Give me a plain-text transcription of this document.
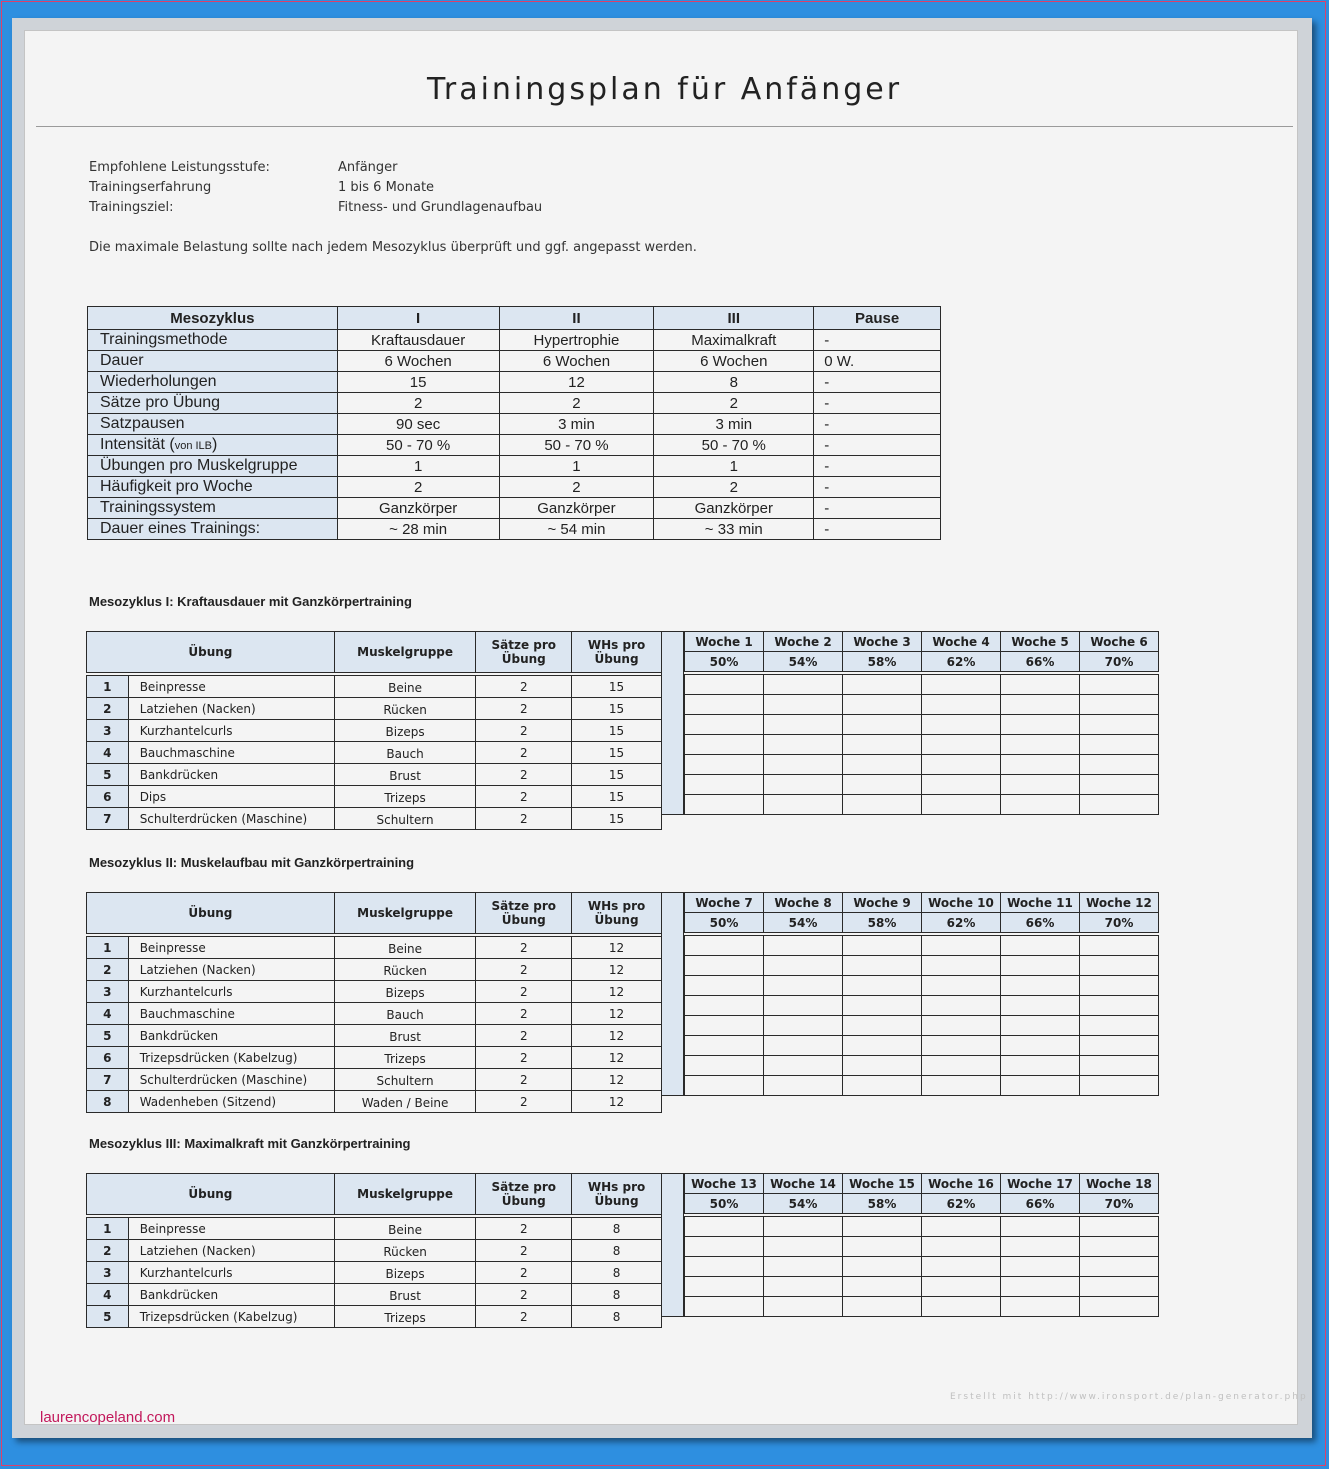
Trainingsplan für Anfänger
Empfohlene Leistungsstufe:	Anfänger
Trainingserfahrung	1 bis 6 Monate
Trainingsziel:	Fitness- und Grundlagenaufbau
Die maximale Belastung sollte nach jedem Mesozyklus überprüft und ggf. angepasst werden.
Mesozyklus	I	II	III	Pause
Trainingsmethode	Kraftausdauer	Hypertrophie	Maximalkraft	-
Dauer	6 Wochen	6 Wochen	6 Wochen	0 W.
Wiederholungen	15	12	8	-
Sätze pro Übung	2	2	2	-
Satzpausen	90 sec	3 min	3 min	-
Intensität (von ILB)	50 - 70 %	50 - 70 %	50 - 70 %	-
Übungen pro Muskelgruppe	1	1	1	-
Häufigkeit pro Woche	2	2	2	-
Trainingssystem	Ganzkörper	Ganzkörper	Ganzkörper	-
Dauer eines Trainings:	~ 28 min	~ 54 min	~ 33 min	-
Mesozyklus I: Kraftausdauer mit Ganzkörpertraining
Mesozyklus II: Muskelaufbau mit Ganzkörpertraining
Mesozyklus III: Maximalkraft mit Ganzkörpertraining
Übung		Muskelgruppe	Sätze pro Übung	WHs pro Übung

1	Beinpresse	Beine	2	15
2	Latziehen (Nacken)	Rücken	2	15
3	Kurzhantelcurls	Bizeps	2	15
4	Bauchmaschine	Bauch	2	15
5	Bankdrücken	Brust	2	15
6	Dips	Trizeps	2	15
7	Schulterdrücken (Maschine)	Schultern	2	15
Woche 1	Woche 2	Woche 3	Woche 4	Woche 5	Woche 6
50%	54%	58%	62%	66%	70%

Übung		Muskelgruppe	Sätze pro Übung	WHs pro Übung

1	Beinpresse	Beine	2	12
2	Latziehen (Nacken)	Rücken	2	12
3	Kurzhantelcurls	Bizeps	2	12
4	Bauchmaschine	Bauch	2	12
5	Bankdrücken	Brust	2	12
6	Trizepsdrücken (Kabelzug)	Trizeps	2	12
7	Schulterdrücken (Maschine)	Schultern	2	12
8	Wadenheben (Sitzend)	Waden / Beine	2	12
Woche 7	Woche 8	Woche 9	Woche 10	Woche 11	Woche 12
50%	54%	58%	62%	66%	70%

Übung		Muskelgruppe	Sätze pro Übung	WHs pro Übung

1	Beinpresse	Beine	2	8
2	Latziehen (Nacken)	Rücken	2	8
3	Kurzhantelcurls	Bizeps	2	8
4	Bankdrücken	Brust	2	8
5	Trizepsdrücken (Kabelzug)	Trizeps	2	8
Woche 13	Woche 14	Woche 15	Woche 16	Woche 17	Woche 18
50%	54%	58%	62%	66%	70%

Erstellt mit http://www.ironsport.de/plan-generator.php
laurencopeland.com
